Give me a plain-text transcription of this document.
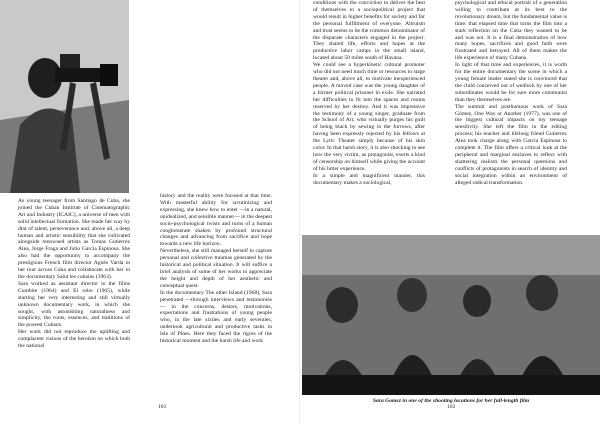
As young teenager from Santiago de Cuba, she joined the Cuban Institute of Cinematographic Art and Industry (ICAIC), a universe of men with solid intellectual formation. She made her way by dint of talent, perseverance and, above all, a deep human and artistic sensibility that she cultivated alongside renowned artists as Tomas Gutierrez Alea, Jorge Fraga and Julio Garcia Espinosa. She also had the opportunity to accompany the prestigious French film director Agnès Varda in her tour across Cuba and collaborate with her in the documentary Salut les cubains (1963).

Sara worked as assistant director in the films Cumbite (1964) and El robo (1965), while starting her very interesting and still virtually unknown documentary work, in which she sought, with astonishing naturalness and simplicity, the roots, essences, and traditions of the poorest Cubans.

Her work did not reproduce the uplifting and complacent visions of the heroism on which both the national

history and the reality were focused at that time. With masterful ability for scrutinizing and expressing, she knew how to enter —in a natural, unidealized, and sensible manner— in the deepest socio-psychological twists and turns of a human conglomerate shaken by profound structural changes and advancing from sacrifice and hope towards a new life horizon.

Nevertheless, she still managed herself to capture personal and collective traumas generated by the historical and political situation. It will suffice a brief analysis of some of her works to appreciate the height and depth of her aesthetic and conceptual quest.

In the documentary The other Island (1968), Sara penetrated —through interviews and testimonies— in the concerns, desires, motivations, expectations and frustrations of young people who, in the late sixties and early seventies, undertook agricultural and productive tasks in Isle of Pines. Here they faced the rigors of the historical moment and the harsh life and work

101

conditions with the conviction to deliver the best of themselves to a sociopolitical project that would result in higher benefits for society and for the personal fulfillment of everyone. Altruism and trust seems to be the common denominator of the disparate characters engaged in the project. They shared life, efforts and hopes at the productive labor camps in the small island, located about 50 miles south of Havana.

We could see a hyperkinetic cultural promoter who did not need much time or resources to stage theater and, above all, to motivate inexperienced people. A moved case was the young daughter of a former political prisoner in exile. She narrated her difficulties to fit into the spaces and rooms reserved by her destiny. And it was impressive the testimony of a young singer, graduate from the School of Art, who virtually purges his guilt of being black by sewing in the furrows, after having been expressly rejected by his fellows at the Lyric Theater simply because of his skin color. In that harsh story, it is also shocking to see how the very victim, as protagonist, exerts a kind of censorship on himself while giving the account of his bitter experience.

In a simple and magnificent manner, this documentary makes a sociological,

psychological and ethical portrait of a generation willing to contribute at its best to the revolutionary dream, but the fundamental value is time: that elapsed time that turns the film into a stark reflection on the Cuba they wanted to be and was not. It is a final demonstration of how many hopes, sacrifices and good faith were frustrated and betrayed. All of them makes the life experience of many Cubans.

In light of that time and experiences, it is worth for the entire documentary the scene in which a young female leader stated she is convinced that the child conceived out of wedlock by one of her subordinates would be for sure more communist than they themselves are.

The summit and posthumous work of Sara Gómez, One Way or Another (1977), was one of the biggest cultural impacts on my teenage sensitivity. She left the film in the editing process; his teacher and lifelong friend Gutierrez Alea took charge along with García Espinosa to complete it. The film offers a critical look at the peripheral and marginal enclaves to reflect with shattering realism the personal questions and conflicts of protagonists in search of identity and social integration within an environment of alleged radical transformation.

Sara Gomez in one of the shooting locations for her full-length film
102
